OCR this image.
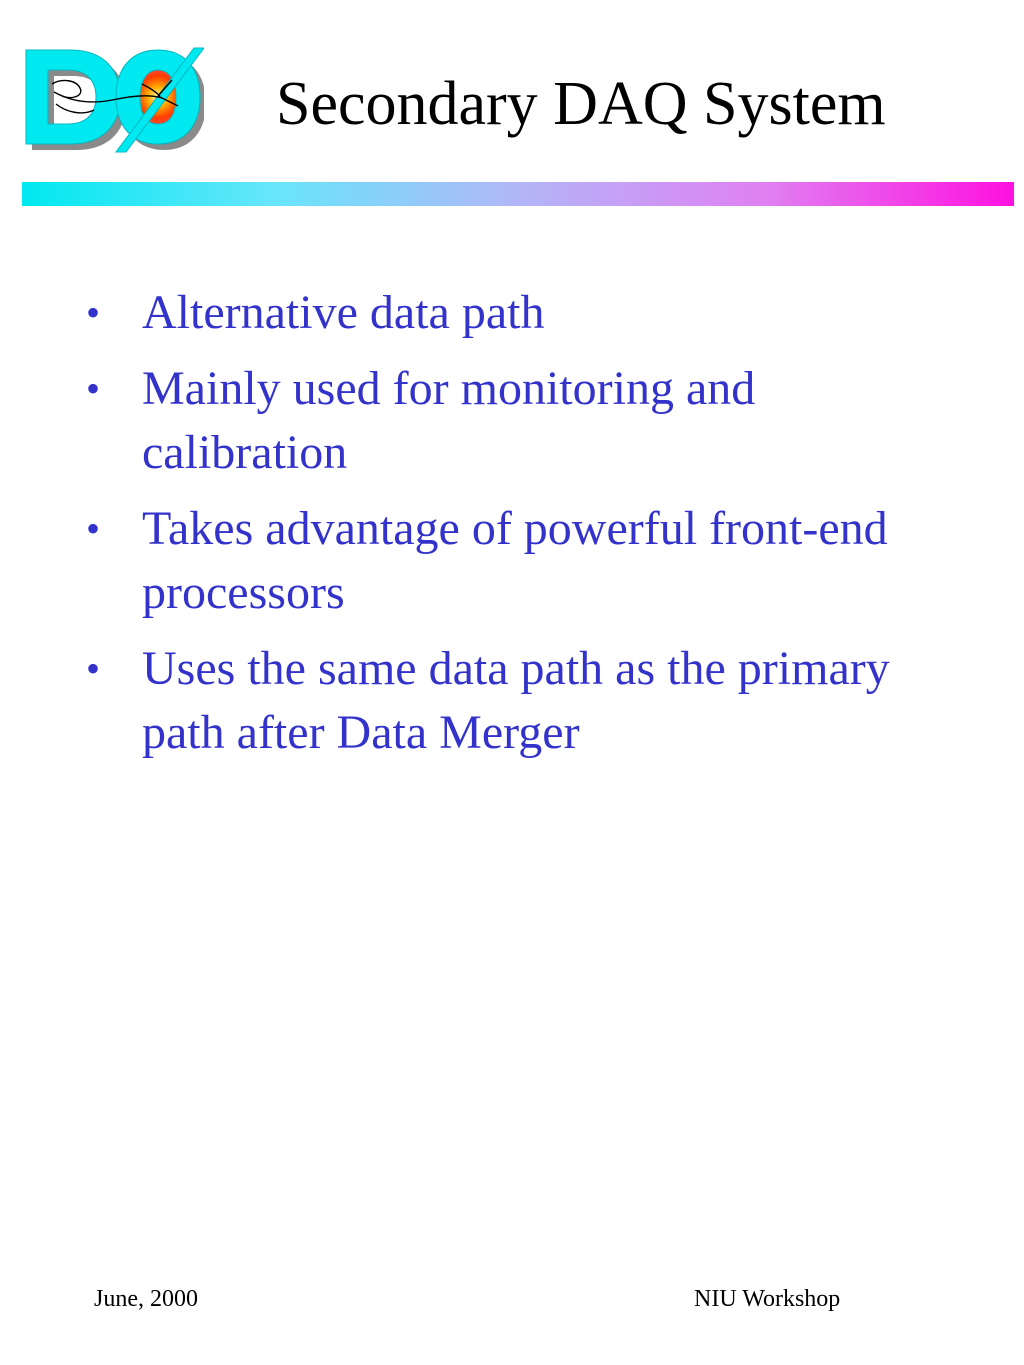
Secondary DAQ System
• Alternative data path
• Mainly used for monitoring and calibration
• Takes advantage of powerful front-end processors
• Uses the same data path as the primary path after Data Merger
June, 2000	NIU Workshop
